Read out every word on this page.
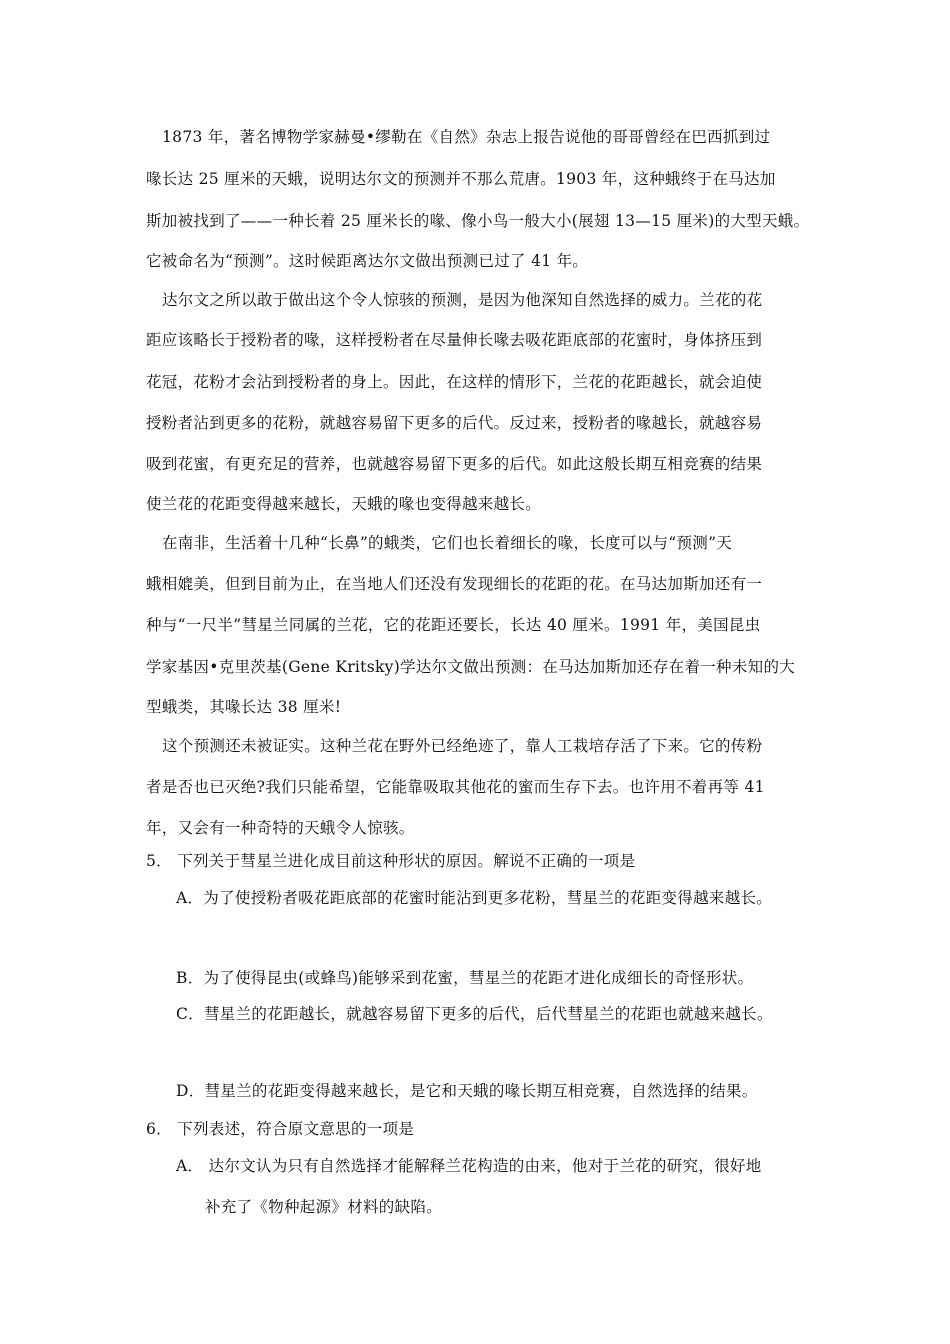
1873 年，著名博物学家赫曼•缪勒在《自然》杂志上报告说他的哥哥曾经在巴西抓到过
喙长达 25 厘米的天蛾，说明达尔文的预测并不那么荒唐。1903 年，这种蛾终于在马达加
斯加被找到了——一种长着 25 厘米长的喙、像小鸟一般大小(展翅 13—15 厘米)的大型天蛾。
它被命名为“预测”。这时候距离达尔文做出预测已过了 41 年。
达尔文之所以敢于做出这个令人惊骇的预测，是因为他深知自然选择的威力。兰花的花
距应该略长于授粉者的喙，这样授粉者在尽量伸长喙去吸花距底部的花蜜时，身体挤压到
花冠，花粉才会沾到授粉者的身上。因此，在这样的情形下，兰花的花距越长，就会迫使
授粉者沾到更多的花粉，就越容易留下更多的后代。反过来，授粉者的喙越长，就越容易
吸到花蜜，有更充足的营养，也就越容易留下更多的后代。如此这般长期互相竞赛的结果
使兰花的花距变得越来越长，天蛾的喙也变得越来越长。
在南非，生活着十几种“长鼻”的蛾类，它们也长着细长的喙，长度可以与“预测”天
蛾相媲美，但到目前为止，在当地人们还没有发现细长的花距的花。在马达加斯加还有一
种与“一尺半”彗星兰同属的兰花，它的花距还要长，长达 40 厘米。1991 年，美国昆虫
学家基因•克里茨基(Gene Kritsky)学达尔文做出预测：在马达加斯加还存在着一种未知的大
型蛾类，其喙长达 38 厘米!
这个预测还未被证实。这种兰花在野外已经绝迹了，靠人工栽培存活了下来。它的传粉
者是否也已灭绝?我们只能希望，它能靠吸取其他花的蜜而生存下去。也许用不着再等 41
年，又会有一种奇特的天蛾令人惊骇。
5． 下列关于彗星兰进化成目前这种形状的原因。解说不正确的一项是
A．为了使授粉者吸花距底部的花蜜时能沾到更多花粉，彗星兰的花距变得越来越长。
B．为了使得昆虫(或蜂鸟)能够采到花蜜，彗星兰的花距才进化成细长的奇怪形状。
C．彗星兰的花距越长，就越容易留下更多的后代，后代彗星兰的花距也就越来越长。
D．彗星兰的花距变得越来越长，是它和天蛾的喙长期互相竞赛，自然选择的结果。
6． 下列表述，符合原文意思的一项是
A． 达尔文认为只有自然选择才能解释兰花构造的由来，他对于兰花的研究，很好地
补充了《物种起源》材料的缺陷。
